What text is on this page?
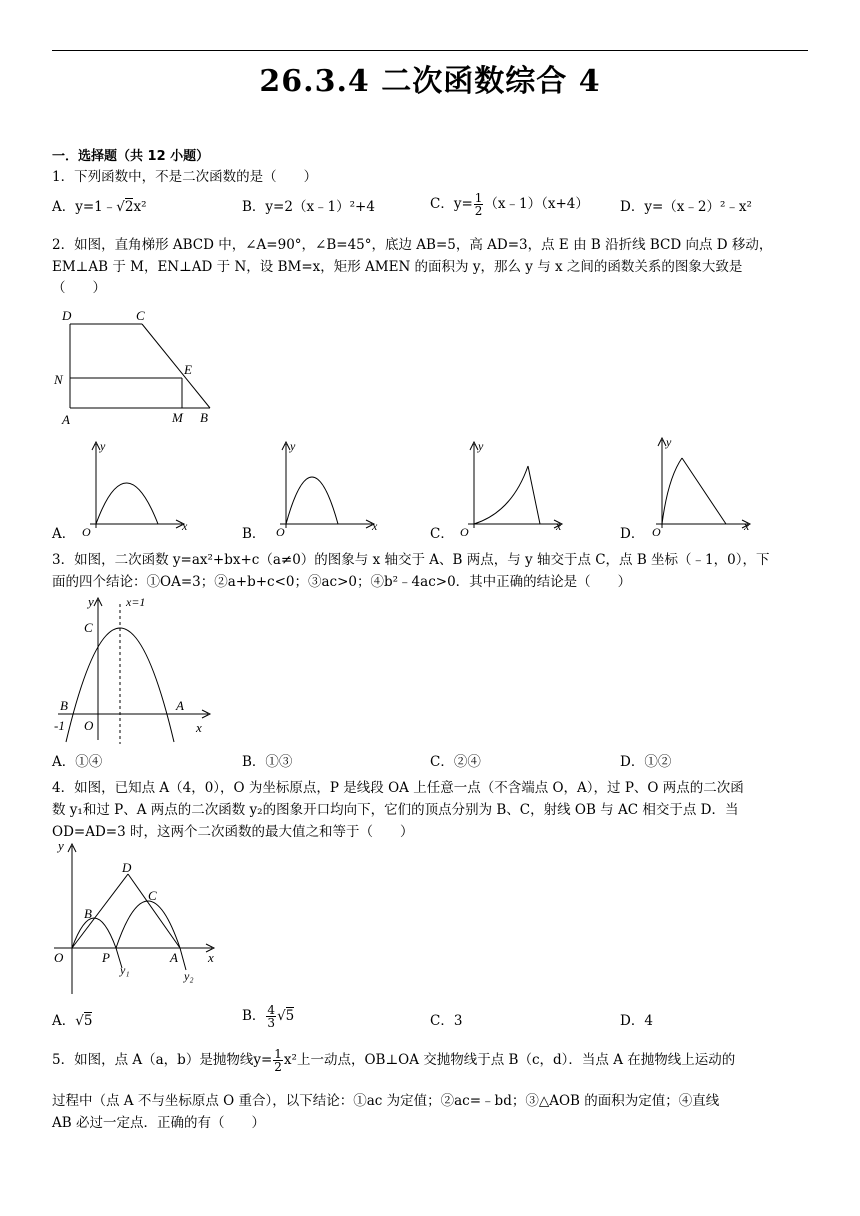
26.3.4 二次函数综合 4
一．选择题（共 12 小题）
1．下列函数中，不是二次函数的是（　　）
A．y=1﹣√2x²	B．y=2（x﹣1）²+4	C．$y= \frac{1}{2}$ （x﹣1）（x+4） D．y=（x﹣2）²﹣x²
2．如图，直角梯形 ABCD 中，∠A=90°，∠B=45°，底边 AB=5，高 AD=3，点 E 由 B 沿折线 BCD 向点 D 移动，
EM⊥AB 于 M，EN⊥AD 于 N，设 BM=x，矩形 AMEN 的面积为 y，那么 y 与 x 之间的函数关系的图象大致是
（　　）
D	C
N
E
A	M B
A．
y
x
O	B．
y
x
O	C．
y
x
O	D．
y
x
O
3．如图，二次函数 y=ax²+bx+c（a≠0）的图象与 x 轴交于 A、B 两点，与 y 轴交于点 C，点 B 坐标（﹣1，0），下
面的四个结论：①OA=3；②a+b+c<0；③ac>0；④b²﹣4ac>0．其中正确的结论是（　　）
y	x=1
C
B	A
-1 O	x
A．①④	B．①③	C．②④	D．①②
4．如图，已知点 A（4，0），O 为坐标原点，P 是线段 OA 上任意一点（不含端点 O，A），过 P、O 两点的二次函
数 y₁和过 P、A 两点的二次函数 y₂的图象开口均向下，它们的顶点分别为 B、C，射线 OB 与 AC 相交于点 D．当
OD=AD=3 时，这两个二次函数的最大值之和等于（　　）
y
D
C
B
O	P	A x
y₁	y₂
A．√5	B． $\frac{4}{3} √5$	C．3	D．4
5．如图，点 A（a，b）是抛物线$y= \frac{1}{2} x^2$上一动点，OB⊥OA 交抛物线于点 B（c，d）．当点 A 在抛物线上运动的
过程中（点 A 不与坐标原点 O 重合），以下结论：①ac 为定值；②ac=﹣bd；③△AOB 的面积为定值；④直线
AB 必过一定点．正确的有（　　）
